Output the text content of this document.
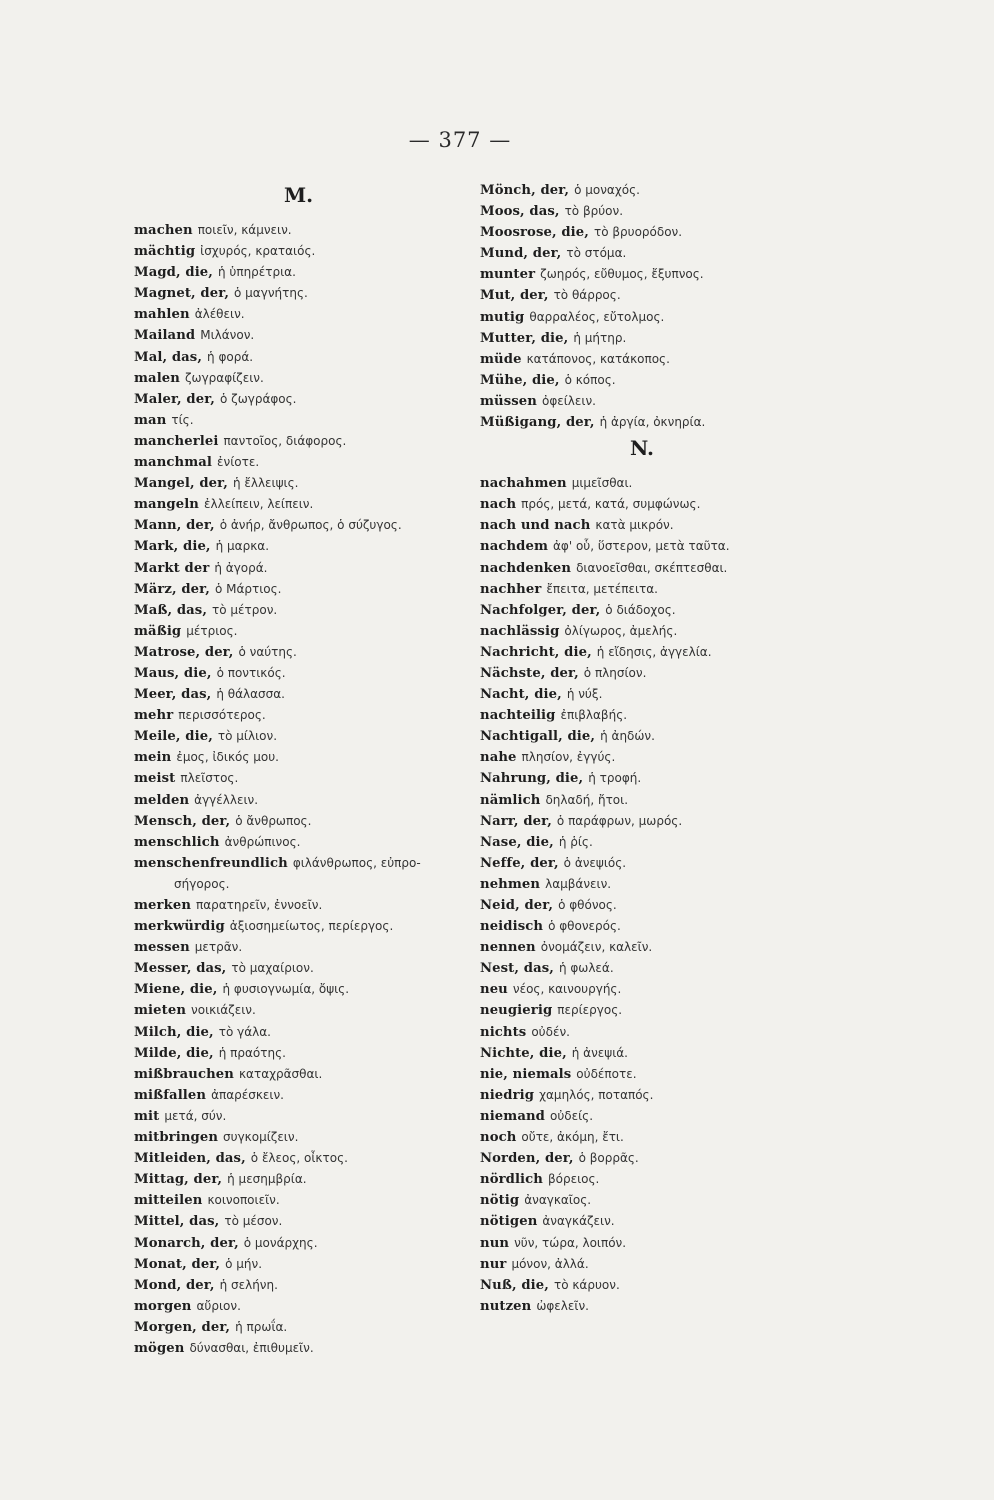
— 377 —
M.

machen ποιεῖν, κάμνειν.

mächtig ἰσχυρός, κραταιός.

Magd, die, ἡ ὑπηρέτρια.

Magnet, der, ὁ μαγνήτης.

mahlen ἀλέθειν.

Mailand Μιλάνον.

Mal, das, ἡ φορά.

malen ζωγραφίζειν.

Maler, der, ὁ ζωγράφος.

man τίς.

mancherlei παντοῖος, διάφορος.

manchmal ἐνίοτε.

Mangel, der, ἡ ἔλλειψις.

mangeln ἐλλείπειν, λείπειν.

Mann, der, ὁ ἀνήρ, ἄνθρωπος, ὁ σύζυγος.

Mark, die, ἡ μαρκα.

Markt der ἡ ἀγορά.

März, der, ὁ Μάρτιος.

Maß, das, τὸ μέτρον.

mäßig μέτριος.

Matrose, der, ὁ ναύτης.

Maus, die, ὁ ποντικός.

Meer, das, ἡ θάλασσα.

mehr περισσότερος.

Meile, die, τὸ μίλιον.

mein ἐμος, ἰδικός μου.

meist πλεῖστος.

melden ἀγγέλλειν.

Mensch, der, ὁ ἄνθρωπος.

menschlich ἀνθρώπινος.

menschenfreundlich φιλάνθρωπος, εὐπρο-

σήγορος.

merken παρατηρεῖν, ἐννοεῖν.

merkwürdig ἀξιοσημείωτος, περίεργος.

messen μετρᾶν.

Messer, das, τὸ μαχαίριον.

Miene, die, ἡ φυσιογνωμία, ὄψις.

mieten νοικιάζειν.

Milch, die, τὸ γάλα.

Milde, die, ἡ πραότης.

mißbrauchen καταχρᾶσθαι.

mißfallen ἀπαρέσκειν.

mit μετά, σύν.

mitbringen συγκομίζειν.

Mitleiden, das, ὁ ἔλεος, οἶκτος.

Mittag, der, ἡ μεσημβρία.

mitteilen κοινοποιεῖν.

Mittel, das, τὸ μέσον.

Monarch, der, ὁ μονάρχης.

Monat, der, ὁ μήν.

Mond, der, ἡ σελήνη.

morgen αὔριον.

Morgen, der, ἡ πρωΐα.

mögen δύνασθαι, ἐπιθυμεῖν.

Mönch, der, ὁ μοναχός.

Moos, das, τὸ βρύον.

Moosrose, die, τὸ βρυορόδον.

Mund, der, τὸ στόμα.

munter ζωηρός, εὔθυμος, ἔξυπνος.

Mut, der, τὸ θάρρος.

mutig θαρραλέος, εὔτολμος.

Mutter, die, ἡ μήτηρ.

müde κατάπονος, κατάκοπος.

Mühe, die, ὁ κόπος.

müssen ὀφείλειν.

Müßigang, der, ἡ ἀργία, ὀκνηρία.

N.

nachahmen μιμεῖσθαι.

nach πρός, μετά, κατά, συμφώνως.

nach und nach κατὰ μικρόν.

nachdem ἀφ' οὗ, ὕστερον, μετὰ ταῦτα.

nachdenken διανοεῖσθαι, σκέπτεσθαι.

nachher ἔπειτα, μετέπειτα.

Nachfolger, der, ὁ διάδοχος.

nachlässig ὀλίγωρος, ἀμελής.

Nachricht, die, ἡ εἴδησις, ἀγγελία.

Nächste, der, ὁ πλησίον.

Nacht, die, ἡ νύξ.

nachteilig ἐπιβλαβής.

Nachtigall, die, ἡ ἀηδών.

nahe πλησίον, ἐγγύς.

Nahrung, die, ἡ τροφή.

nämlich δηλαδή, ἤτοι.

Narr, der, ὁ παράφρων, μωρός.

Nase, die, ἡ ῥίς.

Neffe, der, ὁ ἀνεψιός.

nehmen λαμβάνειν.

Neid, der, ὁ φθόνος.

neidisch ὁ φθονερός.

nennen ὀνομάζειν, καλεῖν.

Nest, das, ἡ φωλεά.

neu νέος, καινουργής.

neugierig περίεργος.

nichts οὐδέν.

Nichte, die, ἡ ἀνεψιά.

nie, niemals οὐδέποτε.

niedrig χαμηλός, ποταπός.

niemand οὐδείς.

noch οὔτε, ἀκόμη, ἔτι.

Norden, der, ὁ βορρᾶς.

nördlich βόρειος.

nötig ἀναγκαῖος.

nötigen ἀναγκάζειν.

nun νῦν, τώρα, λοιπόν.

nur μόνον, ἀλλά.

Nuß, die, τὸ κάρυον.

nutzen ὠφελεῖν.
